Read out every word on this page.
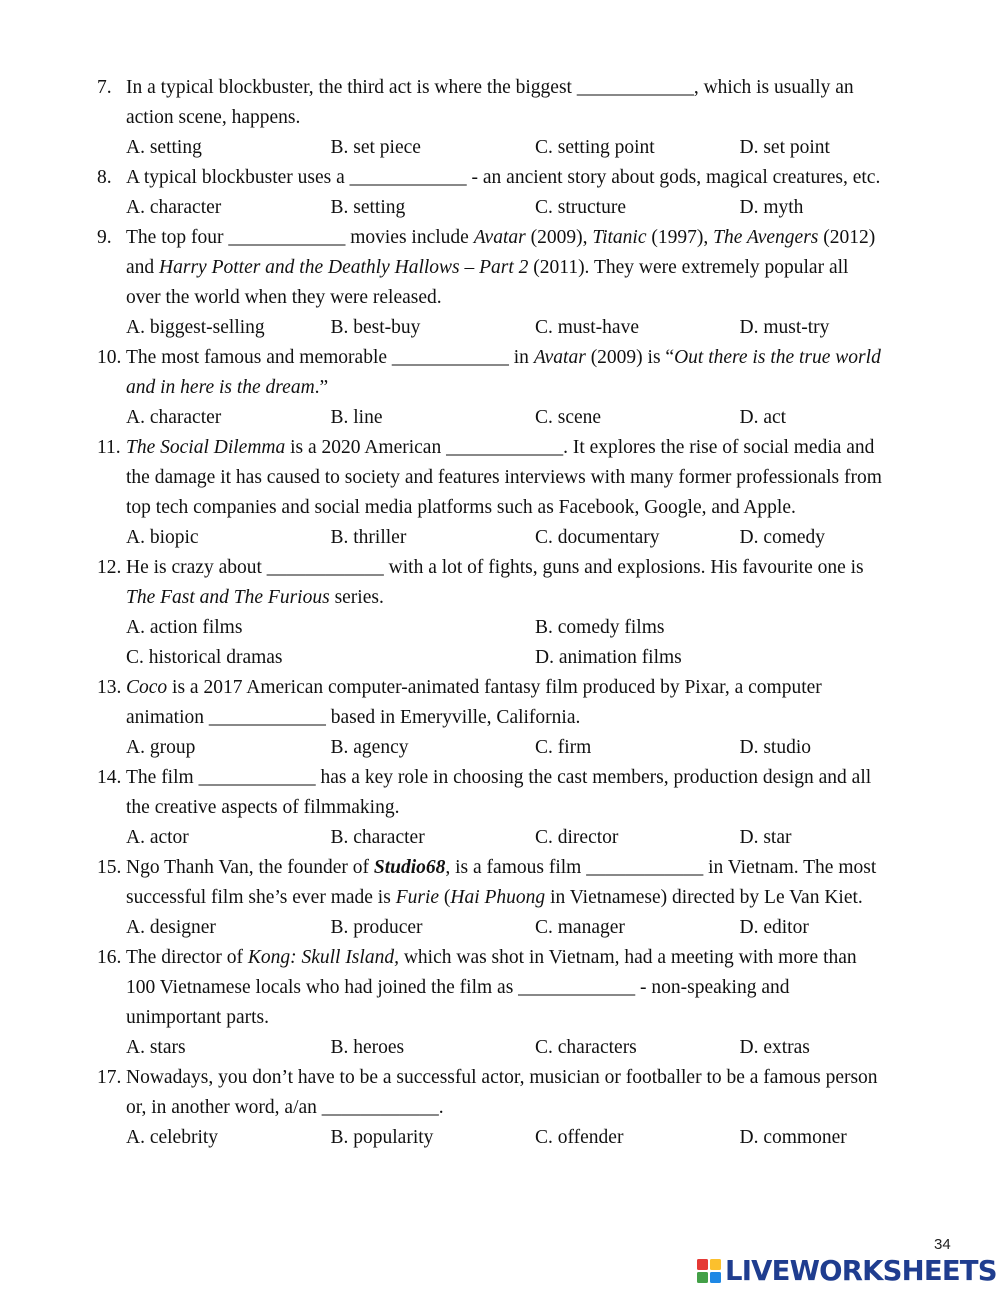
7. In a typical blockbuster, the third act is where the biggest ____________, which is usually an
action scene, happens.
A. setting	B. set piece	C. setting point	D. set point
8. A typical blockbuster uses a ____________ - an ancient story about gods, magical creatures, etc.
A. character	B. setting	C. structure	D. myth
9. The top four ____________ movies include Avatar (2009), Titanic (1997), The Avengers (2012)
and Harry Potter and the Deathly Hallows – Part 2 (2011). They were extremely popular all
over the world when they were released.
A. biggest-selling	B. best-buy	C. must-have	D. must-try
10. The most famous and memorable ____________ in Avatar (2009) is “Out there is the true world
and in here is the dream.”
A. character	B. line	C. scene	D. act
11. The Social Dilemma is a 2020 American ____________. It explores the rise of social media and
the damage it has caused to society and features interviews with many former professionals from
top tech companies and social media platforms such as Facebook, Google, and Apple.
A. biopic	B. thriller	C. documentary	D. comedy
12. He is crazy about ____________ with a lot of fights, guns and explosions. His favourite one is
The Fast and The Furious series.
A. action films	B. comedy films
C. historical dramas	D. animation films
13. Coco is a 2017 American computer-animated fantasy film produced by Pixar, a computer
animation ____________ based in Emeryville, California.
A. group	B. agency	C. firm	D. studio
14. The film ____________ has a key role in choosing the cast members, production design and all
the creative aspects of filmmaking.
A. actor	B. character	C. director	D. star
15. Ngo Thanh Van, the founder of Studio68, is a famous film ____________ in Vietnam. The most
successful film she’s ever made is Furie (Hai Phuong in Vietnamese) directed by Le Van Kiet.
A. designer	B. producer	C. manager	D. editor
16. The director of Kong: Skull Island, which was shot in Vietnam, had a meeting with more than
100 Vietnamese locals who had joined the film as ____________ - non-speaking and
unimportant parts.
A. stars	B. heroes	C. characters	D. extras
17. Nowadays, you don’t have to be a successful actor, musician or footballer to be a famous person
or, in another word, a/an ____________.
A. celebrity	B. popularity	C. offender	D. commoner
34
LIVEWORKSHEETS
